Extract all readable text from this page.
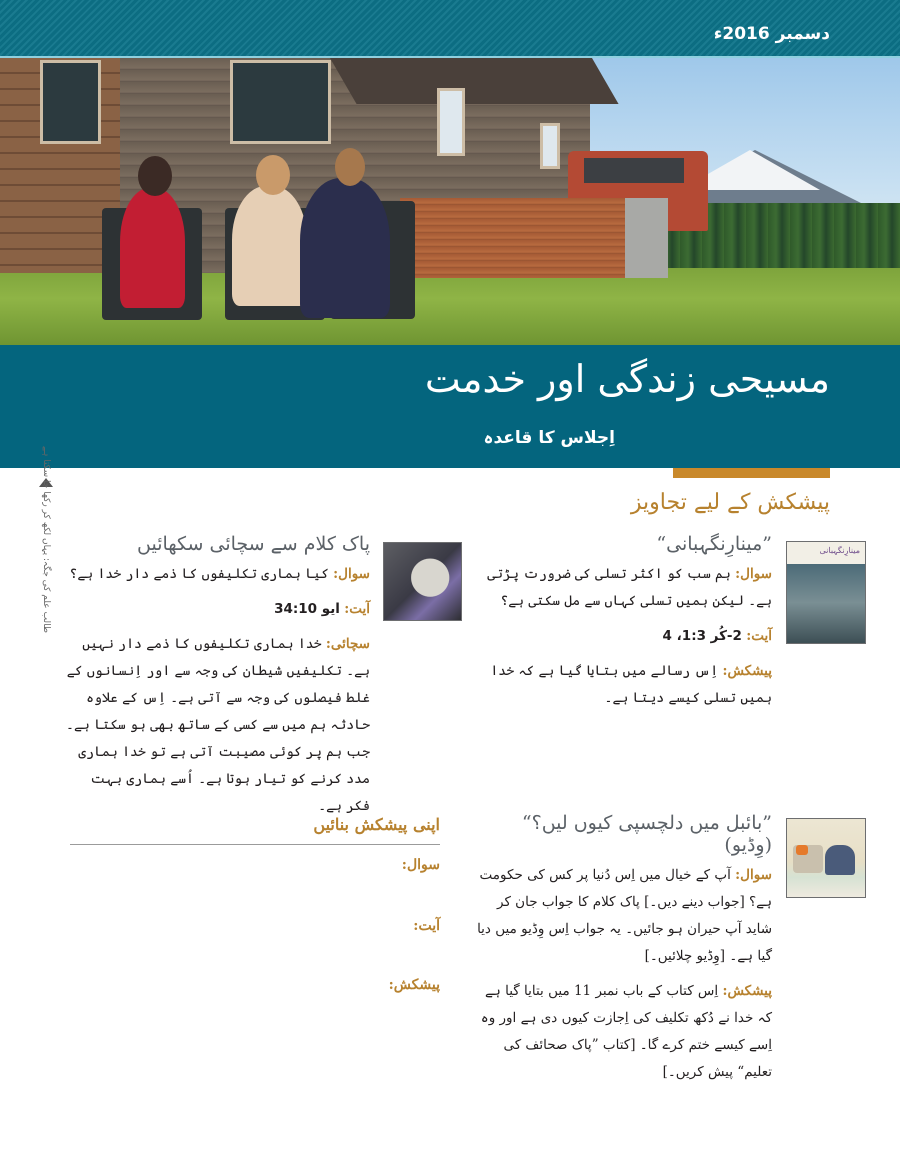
دسمبر 2016ء
مسیحی زندگی اور خدمت
اِجلاس کا قاعدہ
طالب علم کی جگہ: یہاں لکھ کر رکھا جا سکتا ہے	پیشکش کے لیے تجاویز
مینارِنگہبانی
”مینارِنگہبانی“

سوال: ہم سب کو اکثر تسلی کی ضرورت پڑتی ہے۔ لیکن ہمیں تسلی کہاں سے مل سکتی ہے؟

آیت: 2-کُر 1:3، 4

پیشکش: اِس رسالے میں بتایا گیا ہے کہ خدا ہمیں تسلی کیسے دیتا ہے۔

پاک کلام سے سچائی سکھائیں

سوال: کیا ہماری تکلیفوں کا ذمے دار خدا ہے؟

آیت: ایو 34:10

سچائی: خدا ہماری تکلیفوں کا ذمے دار نہیں ہے۔ تکلیفیں شیطان کی وجہ سے اور اِنسانوں کے غلط فیصلوں کی وجہ سے آتی ہے۔ اِس کے علاوہ حادثہ ہم میں سے کسی کے ساتھ بھی ہو سکتا ہے۔ جب ہم پر کوئی مصیبت آتی ہے تو خدا ہماری مدد کرنے کو تیار ہوتا ہے۔ اُسے ہماری بہت فکر ہے۔

”بائبل میں دلچسپی کیوں لیں؟“ (وِڈیو)

سوال: آپ کے خیال میں اِس دُنیا پر کس کی حکومت ہے؟ [جواب دینے دیں۔] پاک کلام کا جواب جان کر شاید آپ حیران ہو جائیں۔ یہ جواب اِس وِڈیو میں دیا گیا ہے۔ [وِڈیو چلائیں۔]

پیشکش: اِس کتاب کے باب نمبر 11 میں بتایا گیا ہے کہ خدا نے دُکھ تکلیف کی اِجازت کیوں دی ہے اور وہ اِسے کیسے ختم کرے گا۔ [کتاب ”پاک صحائف کی تعلیم“ پیش کریں۔]

اپنی پیشکش بنائیں
سوال:
آیت:
پیشکش:
